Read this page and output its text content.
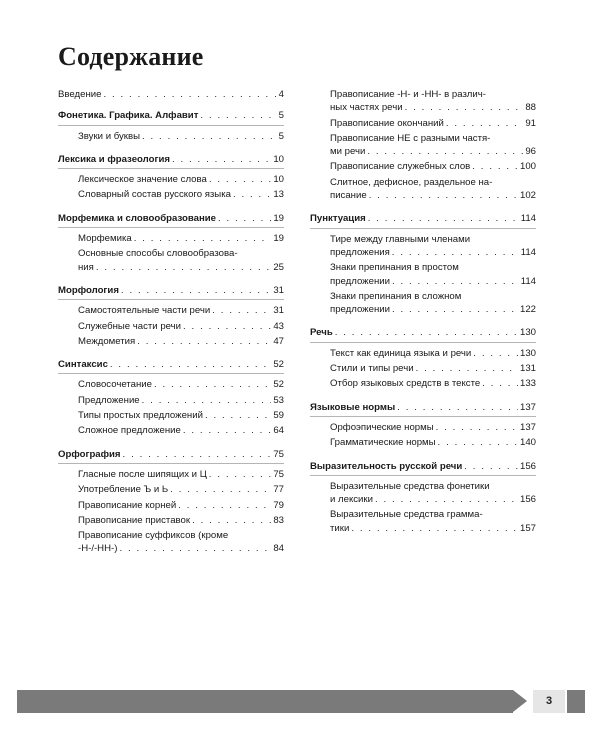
Содержание
Введение . . .	4
Фонетика. Графика. Алфавит . . .	5
Звуки и буквы . . .	5
Лексика и фразеология . . .	10
Лексическое значение слова . . .	10
Словарный состав русского языка . . .	13
Морфемика и словообразование . . .	19
Морфемика . . .	19
Основные способы словообразова-
ния . . .	25
Морфология . . .	31
Самостоятельные части речи . . .	31
Служебные части речи . . .	43
Междометия . . .	47
Синтаксис . . .	52
Словосочетание . . .	52
Предложение . . .	53
Типы простых предложений . . .	59
Сложное предложение . . .	64
Орфография . . .	75
Гласные после шипящих и Ц . . .	75
Употребление Ъ и Ь . . .	77
Правописание корней . . .	79
Правописание приставок . . .	83
Правописание суффиксов (кроме
-Н-/-НН-) . . .	84
Правописание -Н- и -НН- в различ-
ных частях речи . . .	88
Правописание окончаний . . .	91
Правописание НЕ с разными частя-
ми речи . . .	96
Правописание служебных слов . . .	100
Слитное, дефисное, раздельное на-
писание . . .	102
Пунктуация . . .	114
Тире между главными членами
предложения . . .	114
Знаки препинания в простом
предложении . . .	114
Знаки препинания в сложном
предложении . . .	122
Речь . . .	130
Текст как единица языка и речи . . .	130
Стили и типы речи . . .	131
Отбор языковых средств в тексте . . .	133
Языковые нормы . . .	137
Орфоэпические нормы . . .	137
Грамматические нормы . . .	140
Выразительность русской речи . . .	156
Выразительные средства фонетики
и лексики . . .	156
Выразительные средства грамма-
тики . . .	157
3
